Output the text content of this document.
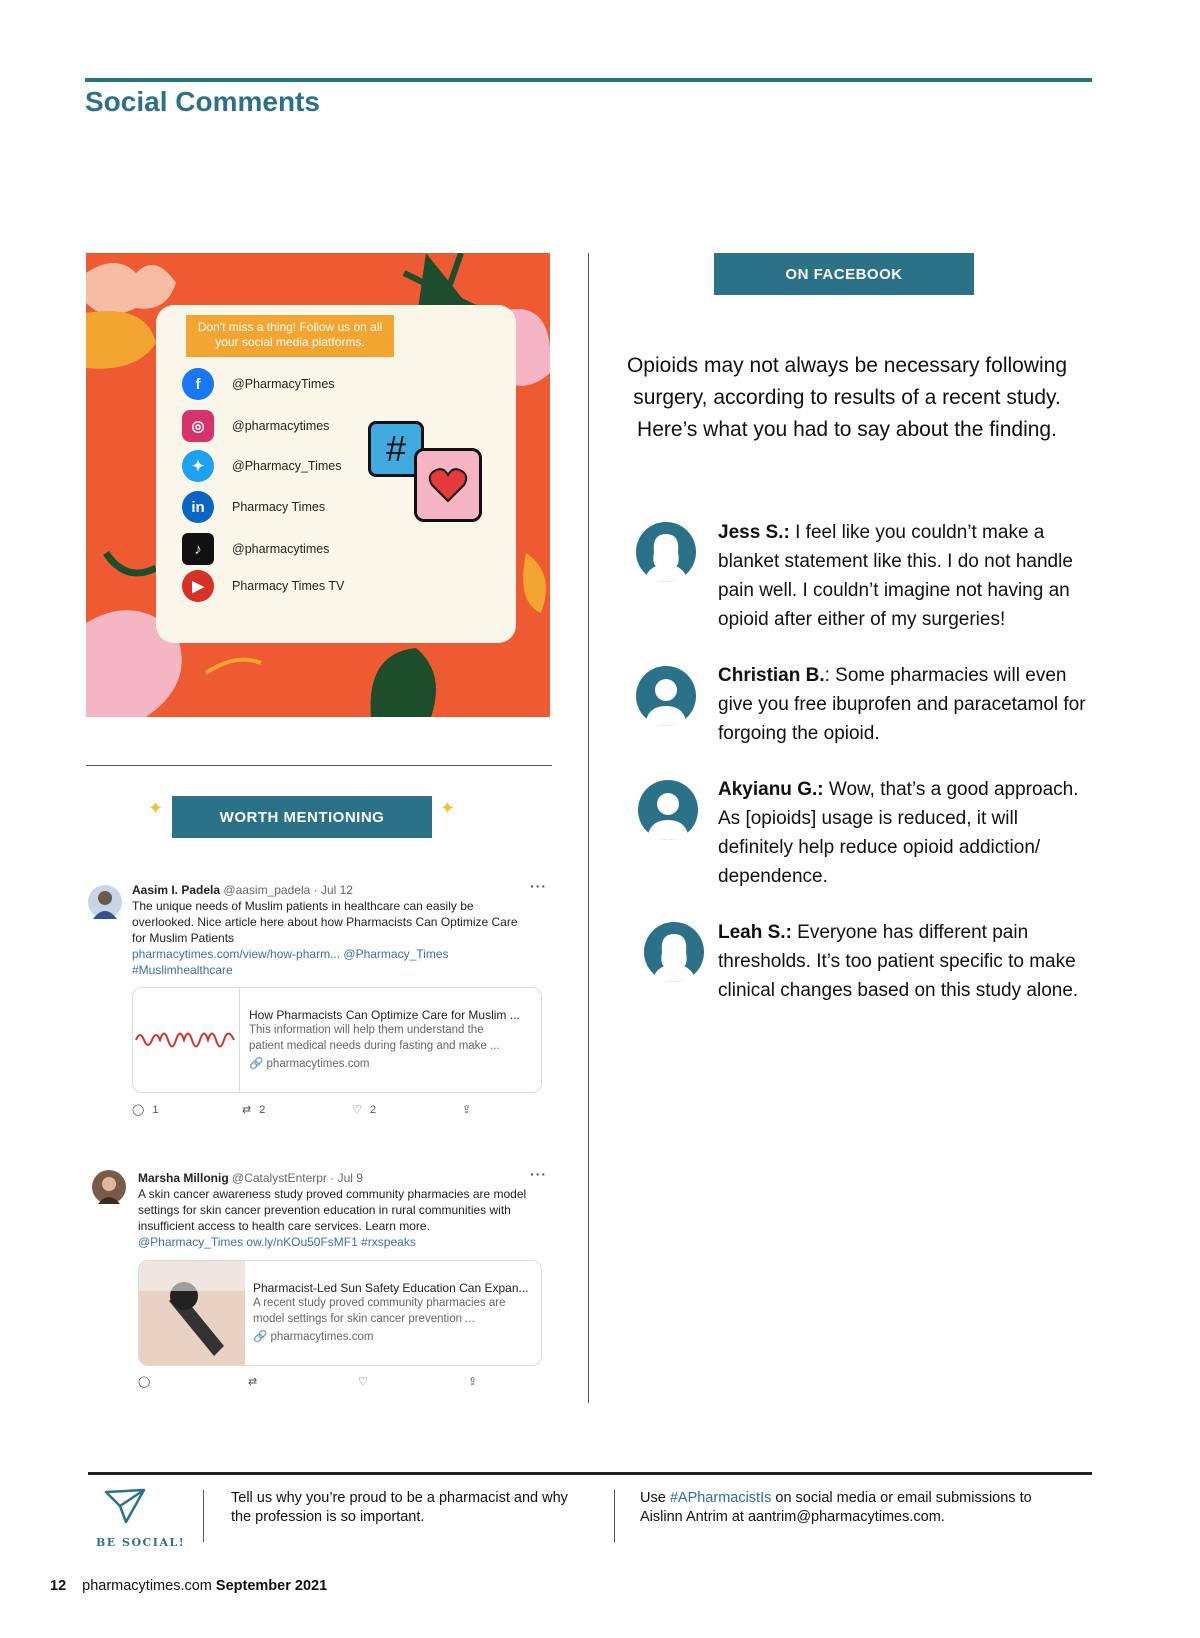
Social Comments
Don't miss a thing! Follow us on all your social media platforms.
f	@PharmacyTimes
◎	@pharmacytimes
✦	@Pharmacy_Times
in	Pharmacy Times
♪	@pharmacytimes
▶	Pharmacy Times TV
#
✦	✦
WORTH MENTIONING
Aasim I. Padela @aasim_padela · Jul 12
The unique needs of Muslim patients in healthcare can easily be
overlooked. Nice article here about how Pharmacists Can Optimize Care
for Muslim Patients
pharmacytimes.com/view/how-pharm... @Pharmacy_Times
#Muslimhealthcare
···
How Pharmacists Can Optimize Care for Muslim ...
This information will help them understand the
patient medical needs during fasting and make ...
🔗 pharmacytimes.com
◯ 1	⇄ 2	♡ 2	⇪
Marsha Millonig @CatalystEnterpr · Jul 9
A skin cancer awareness study proved community pharmacies are model
settings for skin cancer prevention education in rural communities with
insufficient access to health care services. Learn more.
@Pharmacy_Times ow.ly/nKOu50FsMF1 #rxspeaks
···
Pharmacist-Led Sun Safety Education Can Expan...
A recent study proved community pharmacies are
model settings for skin cancer prevention ...
🔗 pharmacytimes.com
◯	⇄	♡	⇪
ON FACEBOOK
Opioids may not always be necessary following surgery, according to results of a recent study. Here’s what you had to say about the finding.
Jess S.: I feel like you couldn’t make a blanket statement like this. I do not handle pain well. I couldn’t imagine not having an opioid after either of my surgeries!
Christian B.: Some pharmacies will even give you free ibuprofen and paracetamol for forgoing the opioid.
Akyianu G.: Wow, that’s a good approach. As [opioids] usage is reduced, it will definitely help reduce opioid addiction/ dependence.
Leah S.: Everyone has different pain thresholds. It’s too patient specific to make clinical changes based on this study alone.
BE SOCIAL!
Tell us why you’re proud to be a pharmacist and why the profession is so important.
Use #APharmacistIs on social media or email submissions to Aislinn Antrim at aantrim@pharmacytimes.com.
12 pharmacytimes.com September 2021
